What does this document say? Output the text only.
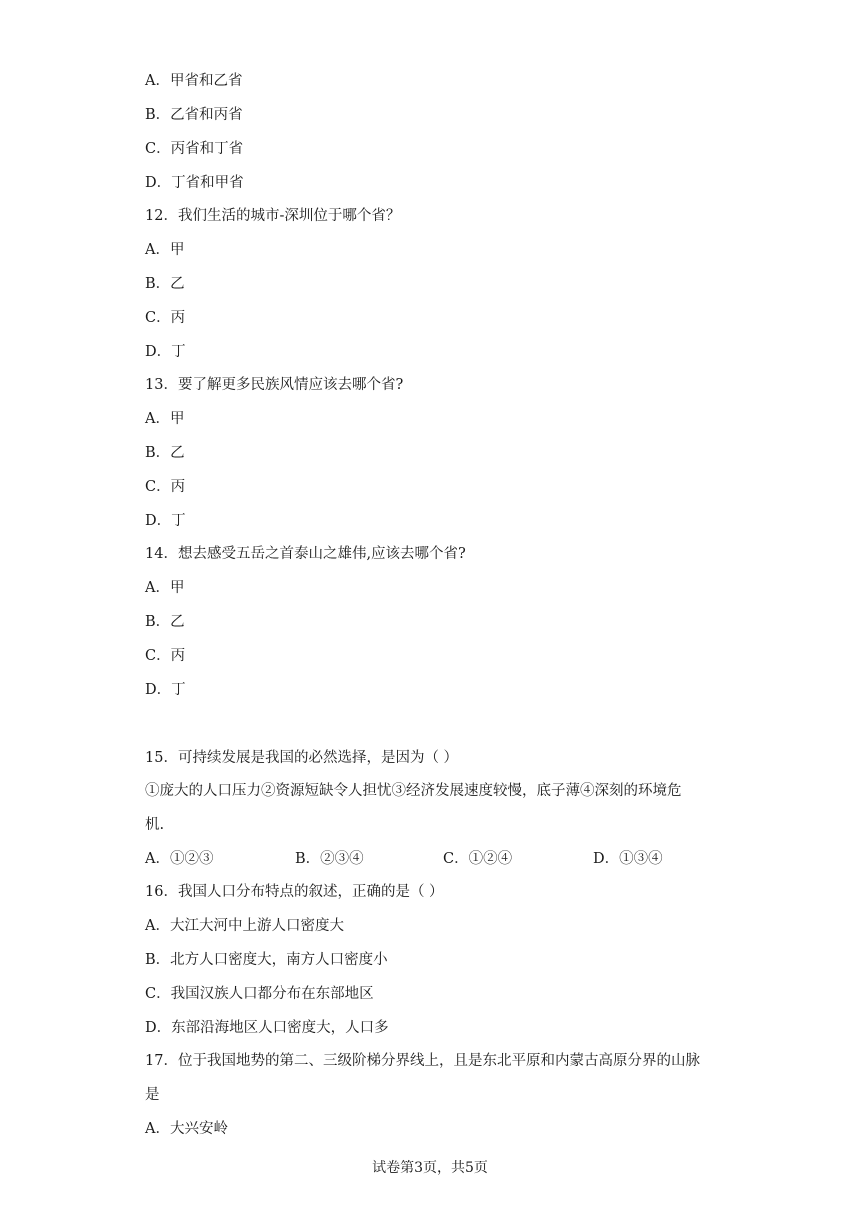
A．甲省和乙省
B．乙省和丙省
C．丙省和丁省
D．丁省和甲省
12．我们生活的城市-深圳位于哪个省？
A．甲
B．乙
C．丙
D．丁
13．要了解更多民族风情应该去哪个省?
A．甲
B．乙
C．丙
D．丁
14．想去感受五岳之首泰山之雄伟,应该去哪个省?
A．甲
B．乙
C．丙
D．丁
15．可持续发展是我国的必然选择，是因为（ ）
①庞大的人口压力②资源短缺令人担忧③经济发展速度较慢，底子薄④深刻的环境危
机.
A．①②③	B．②③④	C．①②④	D．①③④
16．我国人口分布特点的叙述，正确的是（ ）
A．大江大河中上游人口密度大
B．北方人口密度大，南方人口密度小
C．我国汉族人口都分布在东部地区
D．东部沿海地区人口密度大，人口多
17．位于我国地势的第二、三级阶梯分界线上，且是东北平原和内蒙古高原分界的山脉
是
A．大兴安岭
试卷第3页，共5页
